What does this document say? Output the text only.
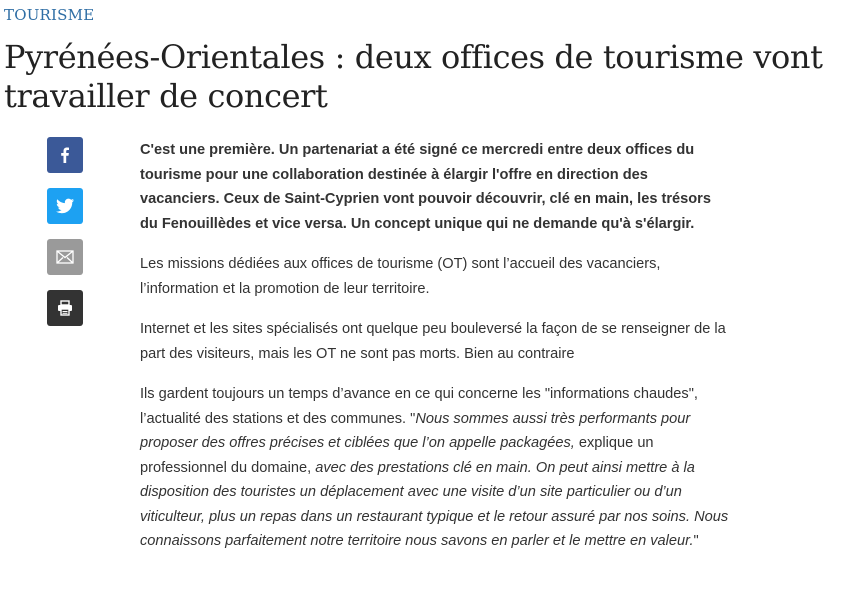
TOURISME
Pyrénées-Orientales : deux offices de tourisme vont travailler de concert

C'est une première. Un partenariat a été signé ce mercredi entre deux offices du tourisme pour une collaboration destinée à élargir l'offre en direction des vacanciers. Ceux de Saint-Cyprien vont pouvoir découvrir, clé en main, les trésors du Fenouillèdes et vice versa. Un concept unique qui ne demande qu'à s'élargir.

Les missions dédiées aux offices de tourisme (OT) sont l’accueil des vacanciers, l’information et la promotion de leur territoire.

Internet et les sites spécialisés ont quelque peu bouleversé la façon de se renseigner de la part des visiteurs, mais les OT ne sont pas morts. Bien au contraire

Ils gardent toujours un temps d’avance en ce qui concerne les "informations chaudes", l’actualité des stations et des communes. "Nous sommes aussi très performants pour proposer des offres précises et ciblées que l’on appelle packagées, explique un professionnel du domaine, avec des prestations clé en main. On peut ainsi mettre à la disposition des touristes un déplacement avec une visite d’un site particulier ou d’un viticulteur, plus un repas dans un restaurant typique et le retour assuré par nos soins. Nous connaissons parfaitement notre territoire nous savons en parler et le mettre en valeur."
